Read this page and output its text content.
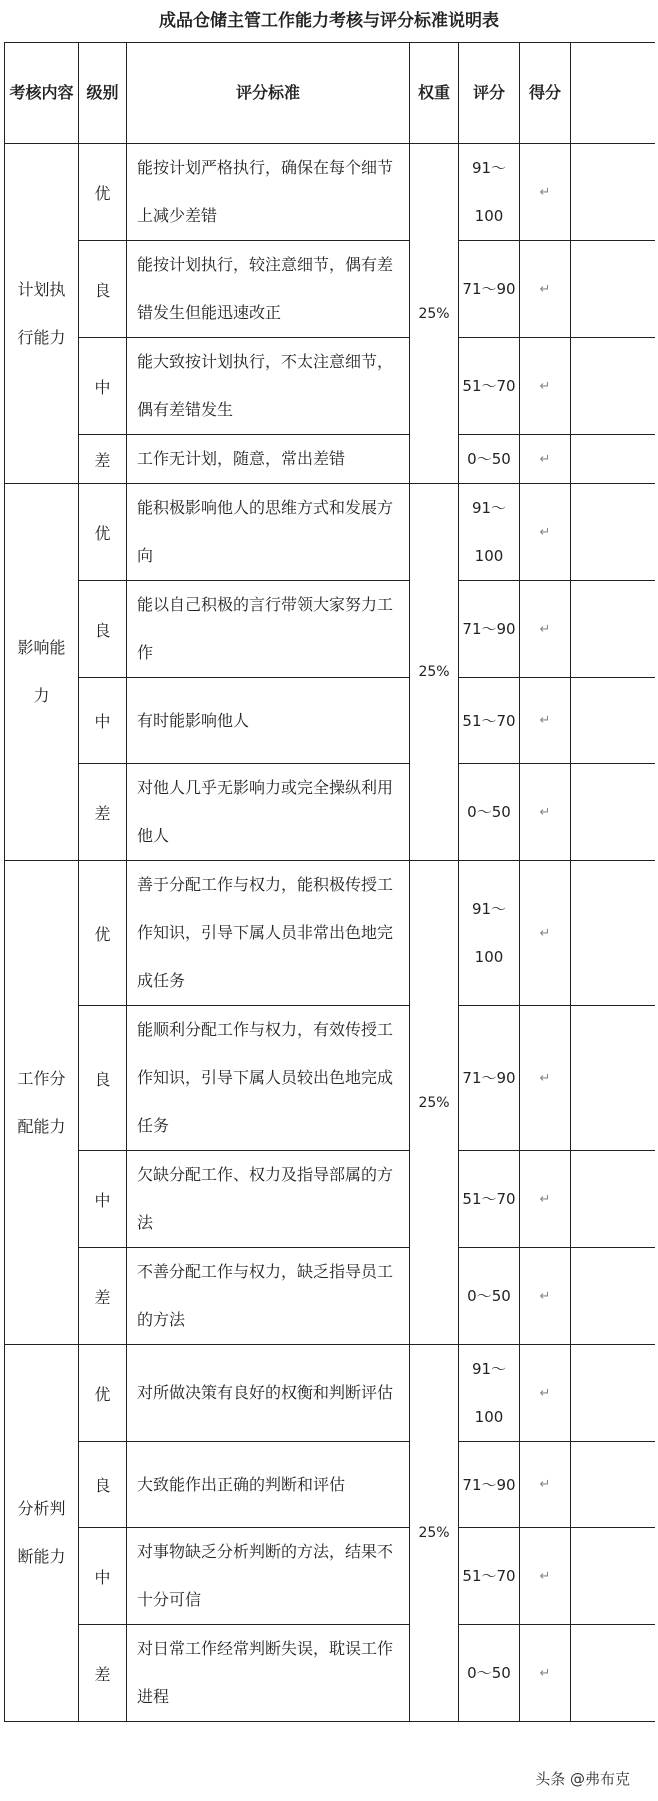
成品仓储主管工作能力考核与评分标准说明表
考核内容	级别	评分标准	权重	评分	得分	
计划执行能力	优	能按计划严格执行，确保在每个细节上减少差错	25%	91～100	↵	
	良	能按计划执行，较注意细节，偶有差错发生但能迅速改正		71～90	↵	
	中	能大致按计划执行，不太注意细节，偶有差错发生		51～70	↵	
	差	工作无计划，随意，常出差错		0～50	↵	
影响能力	优	能积极影响他人的思维方式和发展方向	25%	91～100	↵	
	良	能以自己积极的言行带领大家努力工作		71～90	↵	
	中	有时能影响他人		51～70	↵	
	差	对他人几乎无影响力或完全操纵利用他人		0～50	↵	
工作分配能力	优	善于分配工作与权力，能积极传授工作知识，引导下属人员非常出色地完成任务	25%	91～100	↵	
	良	能顺利分配工作与权力，有效传授工作知识，引导下属人员较出色地完成任务		71～90	↵	
	中	欠缺分配工作、权力及指导部属的方法		51～70	↵	
	差	不善分配工作与权力，缺乏指导员工的方法		0～50	↵	
分析判断能力	优	对所做决策有良好的权衡和判断评估	25%	91～100	↵	
	良	大致能作出正确的判断和评估		71～90	↵	
	中	对事物缺乏分析判断的方法，结果不十分可信		51～70	↵	
	差	对日常工作经常判断失误，耽误工作进程		0～50	↵	
头条 @弗布克
